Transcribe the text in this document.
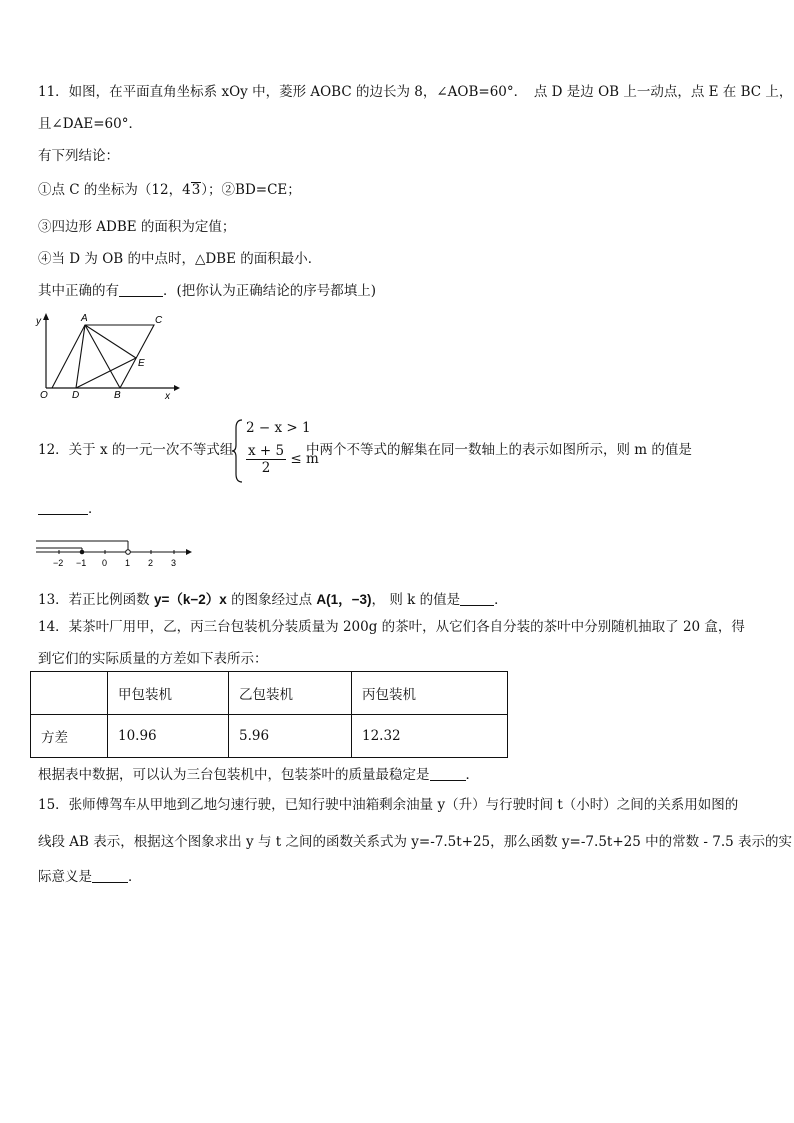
11．如图，在平面直角坐标系 xOy 中，菱形 AOBC 的边长为 8，∠AOB=60°．　点 D 是边 OB 上一动点，点 E 在 BC 上，
且∠DAE=60°．
有下列结论：
①点 C 的坐标为（12，43）；②BD=CE；
③四边形 ADBE 的面积为定值；
④当 D 为 OB 的中点时，△DBE 的面积最小．
其中正确的有	．(把你认为正确结论的序号都填上)
y
x
O
A	C
D	B
E
12．关于 x 的一元一次不等式组
2 − x > 1
$\frac{x + 5}{2} \le m$
中两个不等式的解集在同一数轴上的表示如图所示，则 m 的值是
．
−2 −1 0 1 2 3
13．若正比例函数 y=（k−2）x 的图象经过点 A(1，−3)， 则 k 的值是	．
14．某茶叶厂用甲，乙，丙三台包装机分装质量为 200g 的茶叶，从它们各自分装的茶叶中分别随机抽取了 20 盒，得
到它们的实际质量的方差如下表所示：
	甲包装机	乙包装机	丙包装机
方差	10.96	5.96	12.32
根据表中数据，可以认为三台包装机中，包装茶叶的质量最稳定是	．
15．张师傅驾车从甲地到乙地匀速行驶，已知行驶中油箱剩余油量 y（升）与行驶时间 t（小时）之间的关系用如图的
线段 AB 表示，根据这个图象求出 y 与 t 之间的函数关系式为 y=-7.5t+25，那么函数 y=-7.5t+25 中的常数 - 7.5 表示的实
际意义是	．
